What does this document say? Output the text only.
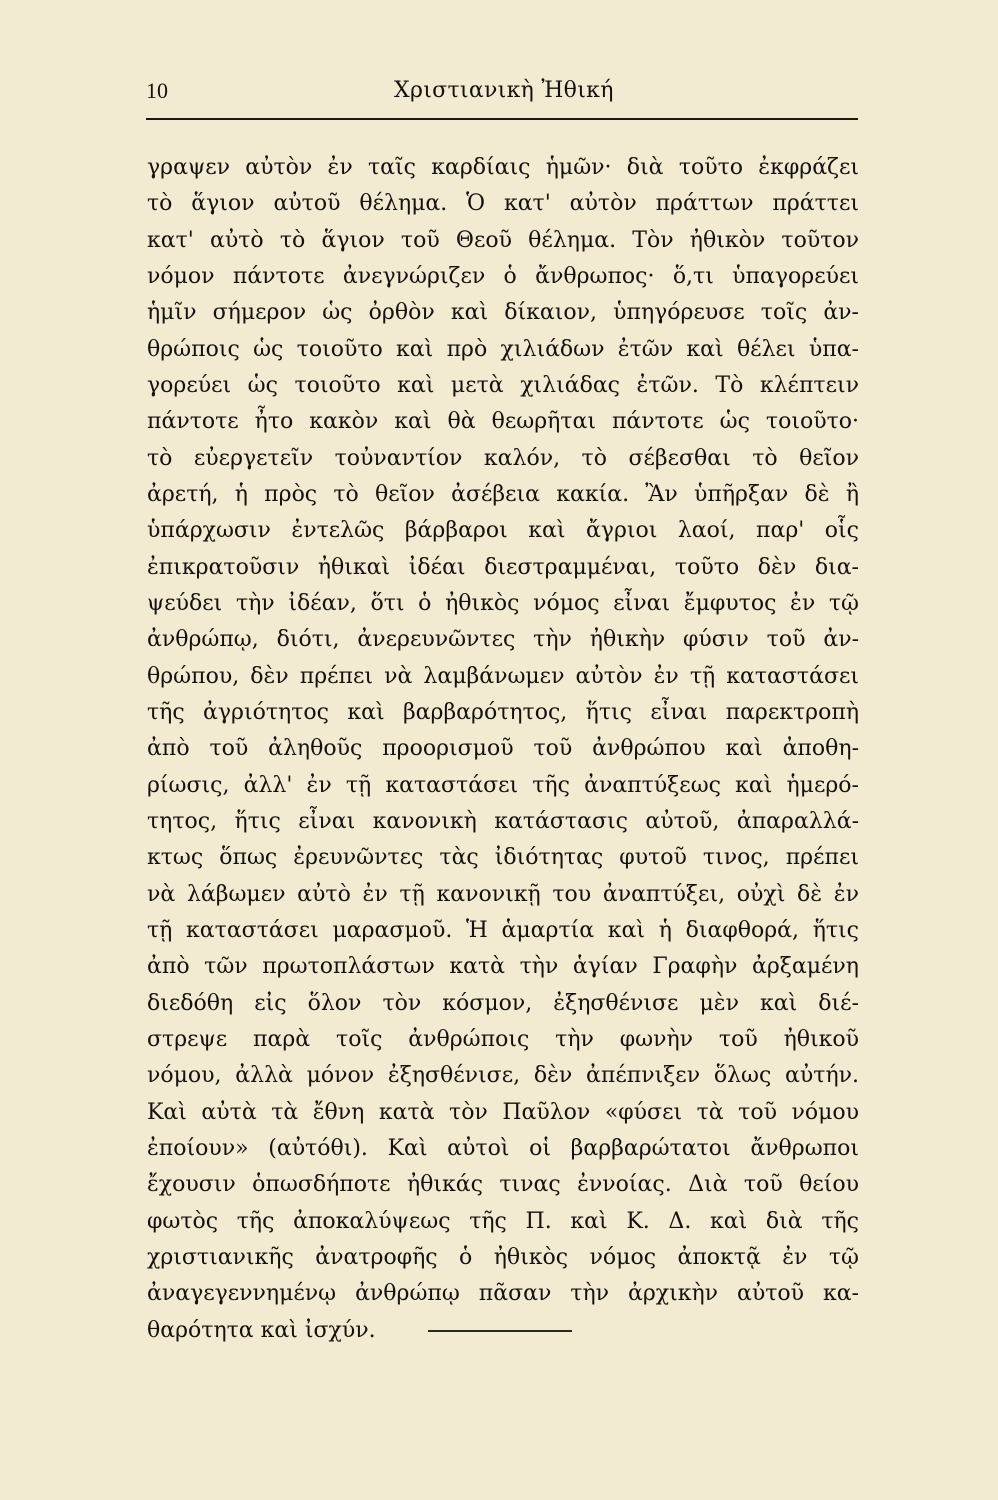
10	Χριστιανικὴ Ἠθική
γραψεν αὐτὸν ἐν ταῖς καρδίαις ἡμῶν· διὰ τοῦτο ἐκφράζει
τὸ ἅγιον αὐτοῦ θέλημα. Ὁ κατ' αὐτὸν πράττων πράττει
κατ' αὐτὸ τὸ ἅγιον τοῦ Θεοῦ θέλημα. Τὸν ἠθικὸν τοῦτον
νόμον πάντοτε ἀνεγνώριζεν ὁ ἄνθρωπος· ὅ,τι ὑπαγορεύει
ἡμῖν σήμερον ὡς ὀρθὸν καὶ δίκαιον, ὑπηγόρευσε τοῖς ἀν-
θρώποις ὡς τοιοῦτο καὶ πρὸ χιλιάδων ἐτῶν καὶ θέλει ὑπα-
γορεύει ὡς τοιοῦτο καὶ μετὰ χιλιάδας ἐτῶν. Τὸ κλέπτειν
πάντοτε ἦτο κακὸν καὶ θὰ θεωρῆται πάντοτε ὡς τοιοῦτο·
τὸ εὐεργετεῖν τοὐναντίον καλόν, τὸ σέβεσθαι τὸ θεῖον
ἀρετή, ἡ πρὸς τὸ θεῖον ἀσέβεια κακία. Ἂν ὑπῆρξαν δὲ ἢ
ὑπάρχωσιν ἐντελῶς βάρβαροι καὶ ἄγριοι λαοί, παρ' οἷς
ἐπικρατοῦσιν ἠθικαὶ ἰδέαι διεστραμμέναι, τοῦτο δὲν δια-
ψεύδει τὴν ἰδέαν, ὅτι ὁ ἠθικὸς νόμος εἶναι ἔμφυτος ἐν τῷ
ἀνθρώπῳ, διότι, ἀνερευνῶντες τὴν ἠθικὴν φύσιν τοῦ ἀν-
θρώπου, δὲν πρέπει νὰ λαμβάνωμεν αὐτὸν ἐν τῇ καταστάσει
τῆς ἀγριότητος καὶ βαρβαρότητος, ἥτις εἶναι παρεκτροπὴ
ἀπὸ τοῦ ἀληθοῦς προορισμοῦ τοῦ ἀνθρώπου καὶ ἀποθη-
ρίωσις, ἀλλ' ἐν τῇ καταστάσει τῆς ἀναπτύξεως καὶ ἡμερό-
τητος, ἥτις εἶναι κανονικὴ κατάστασις αὐτοῦ, ἀπαραλλά-
κτως ὅπως ἐρευνῶντες τὰς ἰδιότητας φυτοῦ τινος, πρέπει
νὰ λάβωμεν αὐτὸ ἐν τῇ κανονικῇ του ἀναπτύξει, οὐχὶ δὲ ἐν
τῇ καταστάσει μαρασμοῦ. Ἡ ἁμαρτία καὶ ἡ διαφθορά, ἥτις
ἀπὸ τῶν πρωτοπλάστων κατὰ τὴν ἁγίαν Γραφὴν ἀρξαμένη
διεδόθη εἰς ὅλον τὸν κόσμον, ἐξησθένισε μὲν καὶ διέ-
στρεψε παρὰ τοῖς ἀνθρώποις τὴν φωνὴν τοῦ ἠθικοῦ
νόμου, ἀλλὰ μόνον ἐξησθένισε, δὲν ἀπέπνιξεν ὅλως αὐτήν.
Καὶ αὐτὰ τὰ ἔθνη κατὰ τὸν Παῦλον «φύσει τὰ τοῦ νόμου
ἐποίουν» (αὐτόθι). Καὶ αὐτοὶ οἱ βαρβαρώτατοι ἄνθρωποι
ἔχουσιν ὁπωσδήποτε ἠθικάς τινας ἐννοίας. Διὰ τοῦ θείου
φωτὸς τῆς ἀποκαλύψεως τῆς Π. καὶ Κ. Δ. καὶ διὰ τῆς
χριστιανικῆς ἀνατροφῆς ὁ ἠθικὸς νόμος ἀποκτᾷ ἐν τῷ
ἀναγεγεννημένῳ ἀνθρώπῳ πᾶσαν τὴν ἀρχικὴν αὐτοῦ κα-
θαρότητα καὶ ἰσχύν.
